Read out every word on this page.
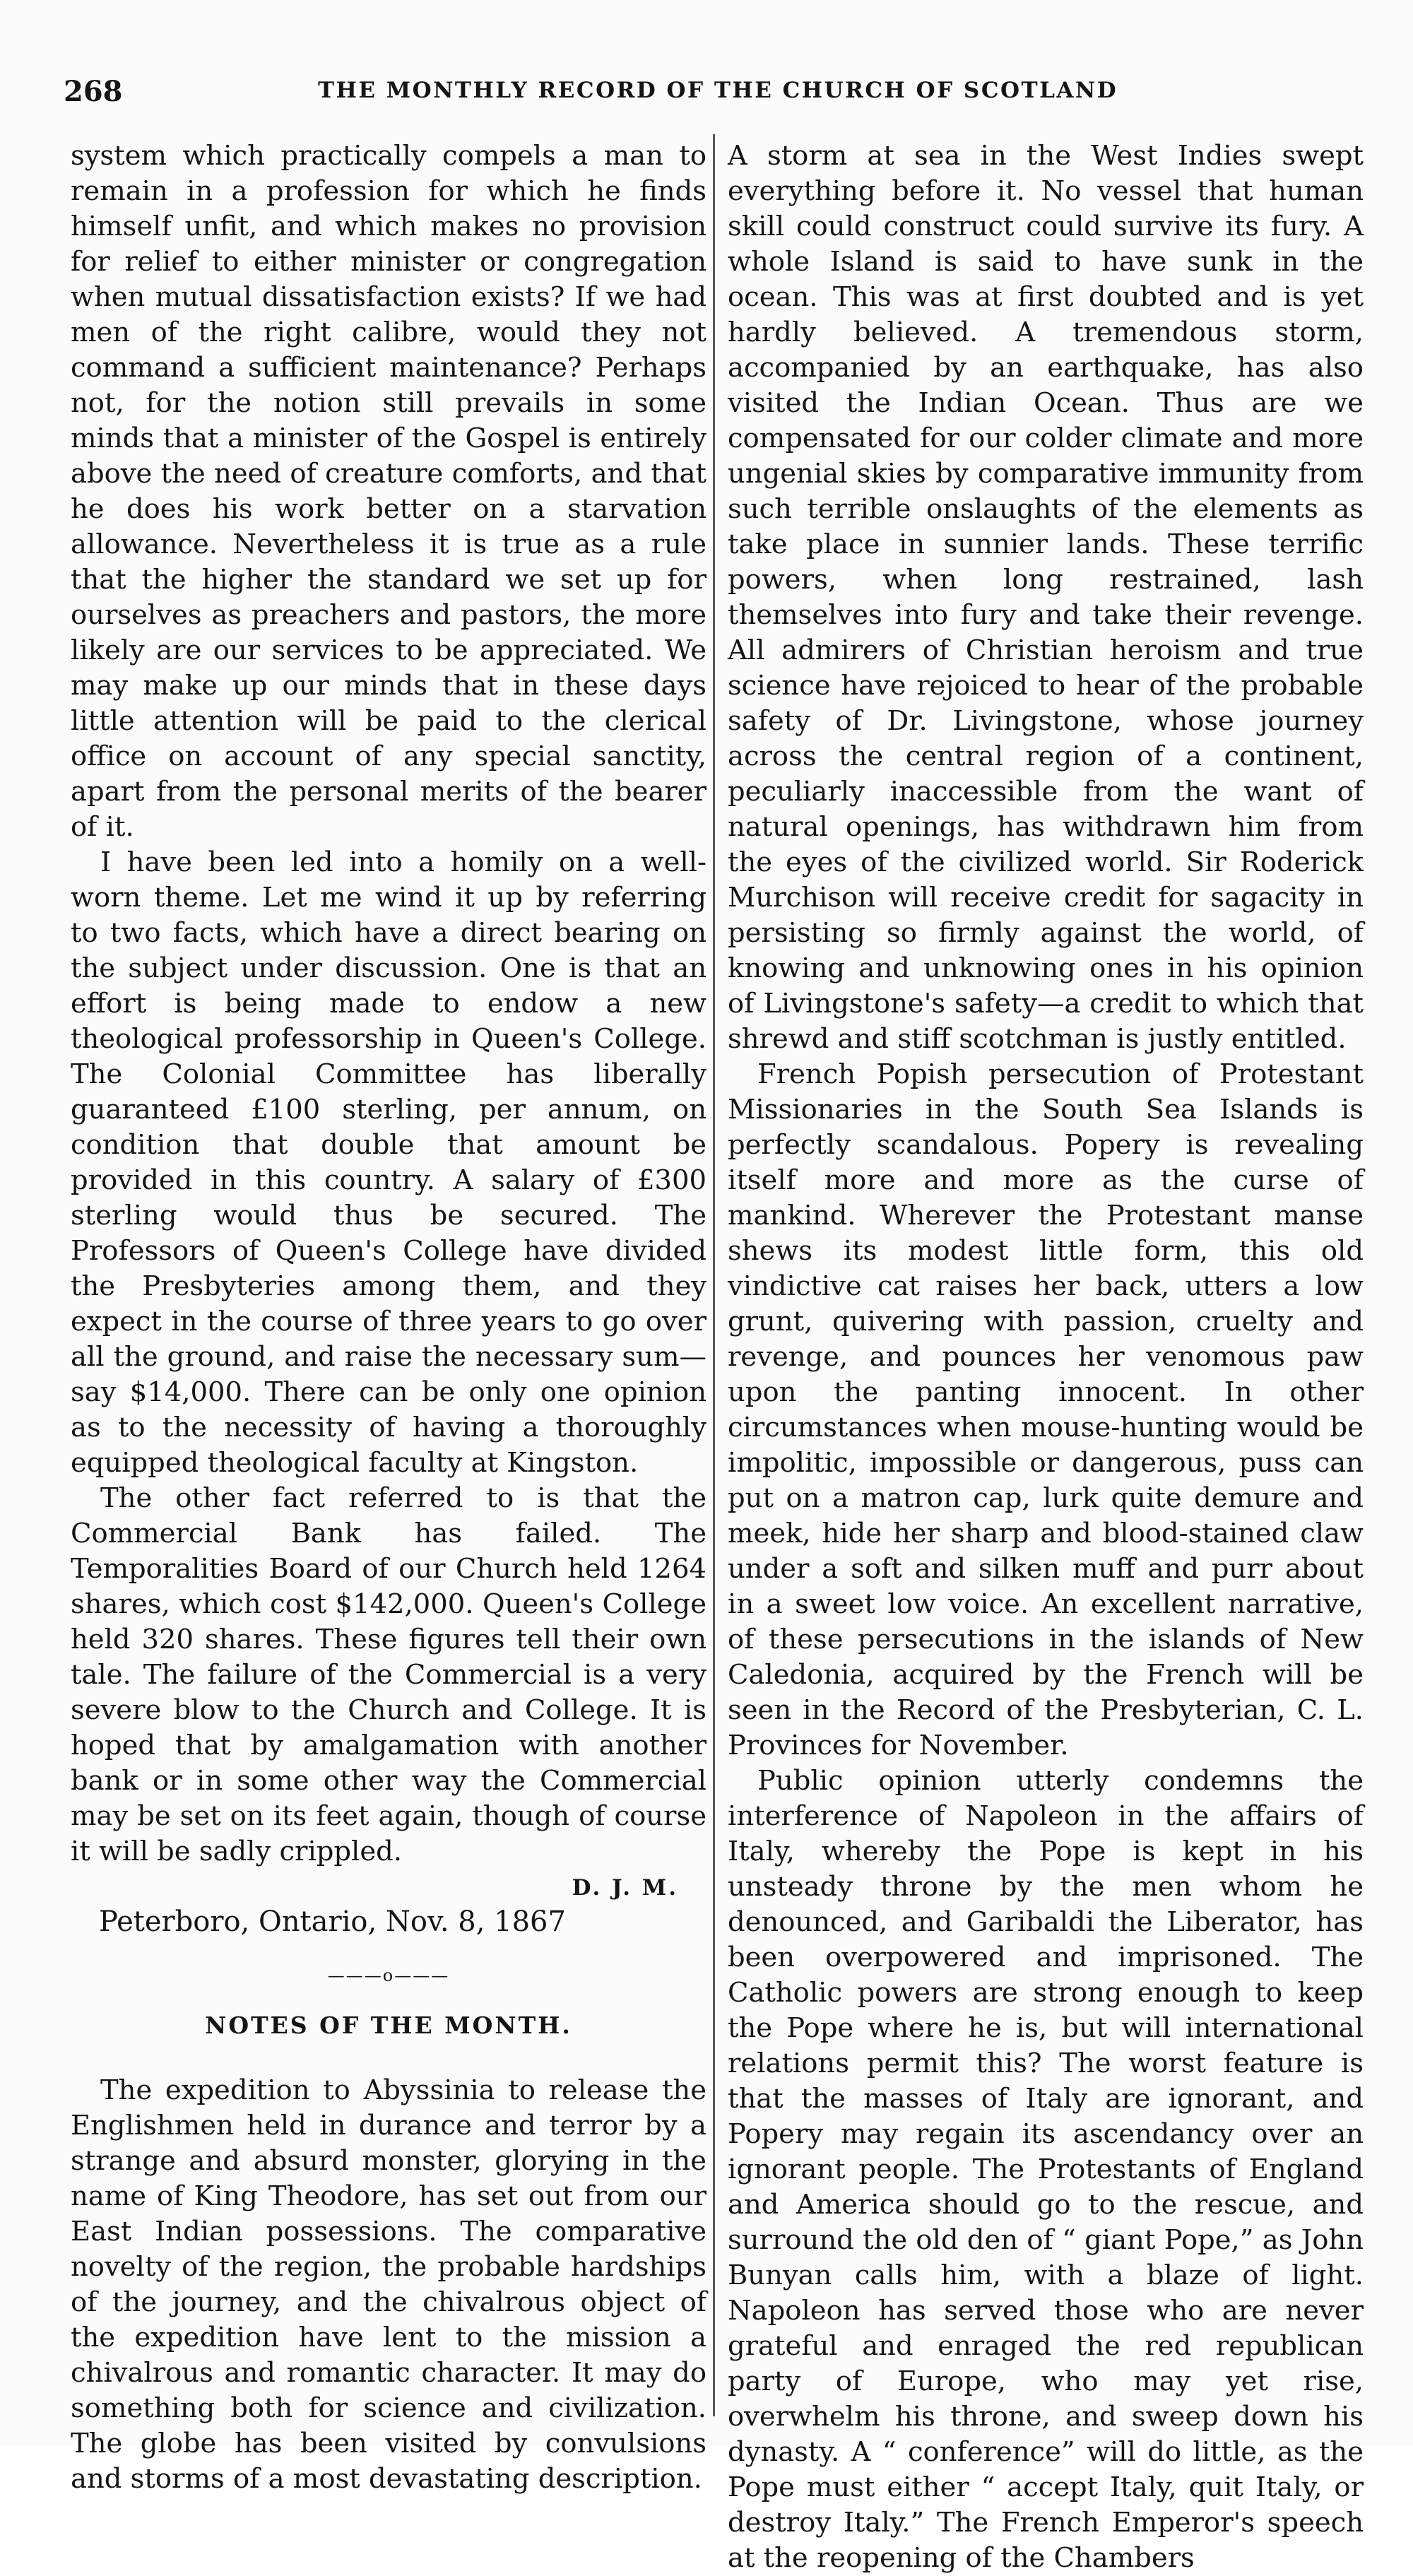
268	THE MONTHLY RECORD OF THE CHURCH OF SCOTLAND

system which practically compels a man to remain in a profession for which he finds himself unfit, and which makes no provision for relief to either minister or congregation when mutual dissatisfaction exists? If we had men of the right calibre, would they not command a sufficient maintenance? Perhaps not, for the notion still prevails in some minds that a minister of the Gospel is entirely above the need of creature comforts, and that he does his work better on a starvation allowance. Nevertheless it is true as a rule that the higher the standard we set up for ourselves as preachers and pastors, the more likely are our services to be appreciated. We may make up our minds that in these days little attention will be paid to the clerical office on account of any special sanctity, apart from the personal merits of the bearer of it.

I have been led into a homily on a well-worn theme. Let me wind it up by referring to two facts, which have a direct bearing on the subject under discussion. One is that an effort is being made to endow a new theological professorship in Queen's College. The Colonial Committee has liberally guaranteed £100 sterling, per annum, on condition that double that amount be provided in this country. A salary of £300 sterling would thus be secured. The Professors of Queen's College have divided the Presbyteries among them, and they expect in the course of three years to go over all the ground, and raise the necessary sum—say $14,000. There can be only one opinion as to the necessity of having a thoroughly equipped theological faculty at Kingston.

The other fact referred to is that the Commercial Bank has failed. The Temporalities Board of our Church held 1264 shares, which cost $142,000. Queen's College held 320 shares. These figures tell their own tale. The failure of the Commercial is a very severe blow to the Church and College. It is hoped that by amalgamation with another bank or in some other way the Commercial may be set on its feet again, though of course it will be sadly crippled.

D. J. M.
Peterboro, Ontario, Nov. 8, 1867
———o———
NOTES OF THE MONTH.

The expedition to Abyssinia to release the Englishmen held in durance and terror by a strange and absurd monster, glorying in the name of King Theodore, has set out from our East Indian possessions. The comparative novelty of the region, the probable hardships of the journey, and the chivalrous object of the expedition have lent to the mission a chivalrous and romantic character. It may do something both for science and civilization. The globe has been visited by convulsions and storms of a most devastating description.

A storm at sea in the West Indies swept everything before it. No vessel that human skill could construct could survive its fury. A whole Island is said to have sunk in the ocean. This was at first doubted and is yet hardly believed. A tremendous storm, accompanied by an earthquake, has also visited the Indian Ocean. Thus are we compensated for our colder climate and more ungenial skies by comparative immunity from such terrible onslaughts of the elements as take place in sunnier lands. These terrific powers, when long restrained, lash themselves into fury and take their revenge. All admirers of Christian heroism and true science have rejoiced to hear of the probable safety of Dr. Livingstone, whose journey across the central region of a continent, peculiarly inaccessible from the want of natural openings, has withdrawn him from the eyes of the civilized world. Sir Roderick Murchison will receive credit for sagacity in persisting so firmly against the world, of knowing and unknowing ones in his opinion of Livingstone's safety—a credit to which that shrewd and stiff scotchman is justly entitled.

French Popish persecution of Protestant Missionaries in the South Sea Islands is perfectly scandalous. Popery is revealing itself more and more as the curse of mankind. Wherever the Protestant manse shews its modest little form, this old vindictive cat raises her back, utters a low grunt, quivering with passion, cruelty and revenge, and pounces her venomous paw upon the panting innocent. In other circumstances when mouse-hunting would be impolitic, impossible or dangerous, puss can put on a matron cap, lurk quite demure and meek, hide her sharp and blood-stained claw under a soft and silken muff and purr about in a sweet low voice. An excellent narrative, of these persecutions in the islands of New Caledonia, acquired by the French will be seen in the Record of the Presbyterian, C. L. Provinces for November.

Public opinion utterly condemns the interference of Napoleon in the affairs of Italy, whereby the Pope is kept in his unsteady throne by the men whom he denounced, and Garibaldi the Liberator, has been overpowered and imprisoned. The Catholic powers are strong enough to keep the Pope where he is, but will international relations permit this? The worst feature is that the masses of Italy are ignorant, and Popery may regain its ascendancy over an ignorant people. The Protestants of England and America should go to the rescue, and surround the old den of “ giant Pope,” as John Bunyan calls him, with a blaze of light. Napoleon has served those who are never grateful and enraged the red republican party of Europe, who may yet rise, overwhelm his throne, and sweep down his dynasty. A “ conference” will do little, as the Pope must either “ accept Italy, quit Italy, or destroy Italy.” The French Emperor's speech at the reopening of the Chambers
